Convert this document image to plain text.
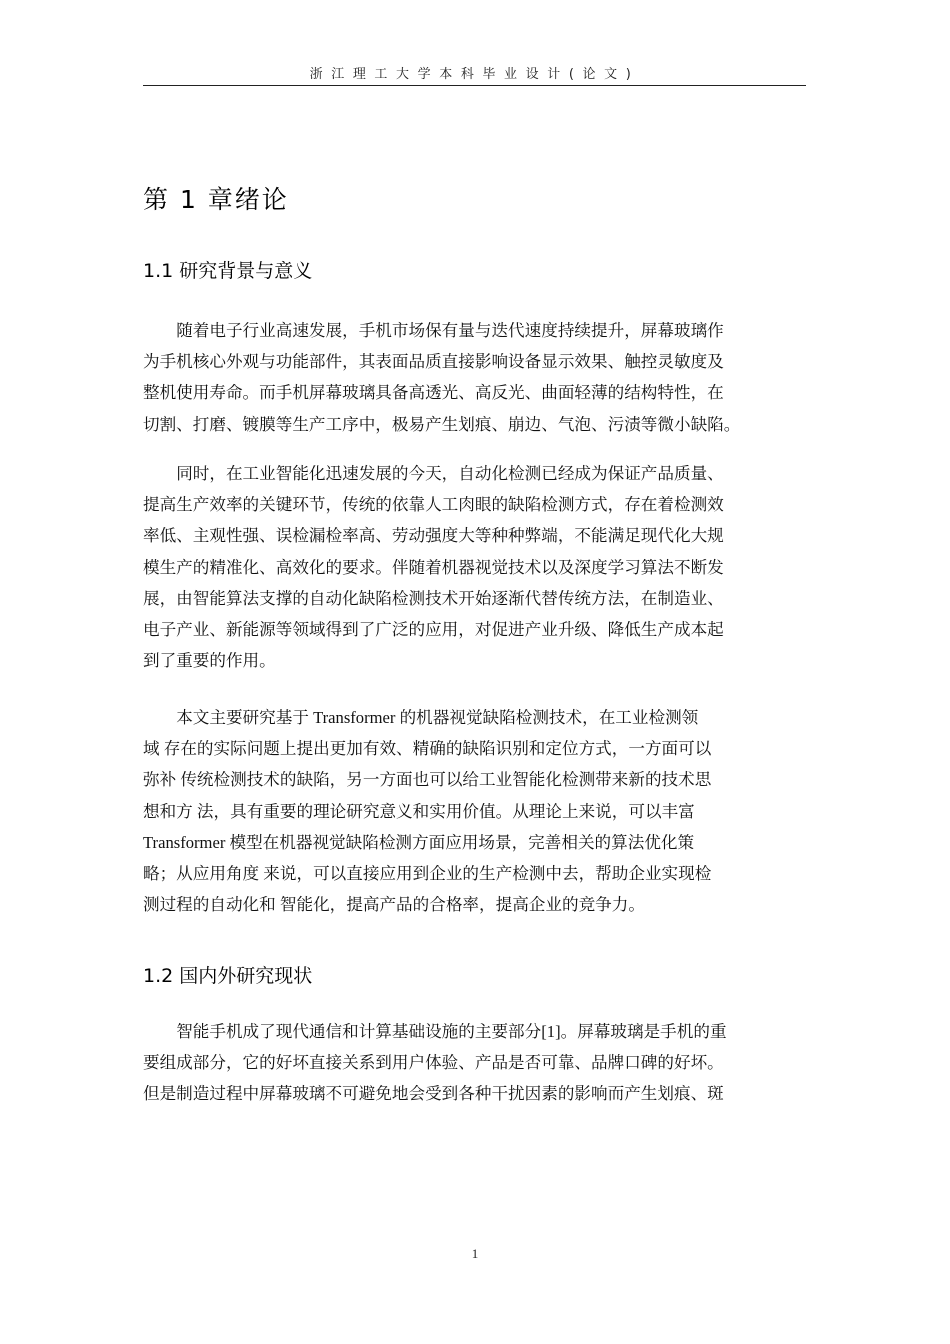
浙江理工大学本科毕业设计(论文)
第 1 章绪论
1.1 研究背景与意义

随着电子行业高速发展，手机市场保有量与迭代速度持续提升，屏幕玻璃作
为手机核心外观与功能部件，其表面品质直接影响设备显示效果、触控灵敏度及
整机使用寿命。而手机屏幕玻璃具备高透光、高反光、曲面轻薄的结构特性，在
切割、打磨、镀膜等生产工序中，极易产生划痕、崩边、气泡、污渍等微小缺陷。

同时，在工业智能化迅速发展的今天，自动化检测已经成为保证产品质量、
提高生产效率的关键环节，传统的依靠人工肉眼的缺陷检测方式，存在着检测效
率低、主观性强、误检漏检率高、劳动强度大等种种弊端，不能满足现代化大规
模生产的精准化、高效化的要求。伴随着机器视觉技术以及深度学习算法不断发
展，由智能算法支撑的自动化缺陷检测技术开始逐渐代替传统方法，在制造业、
电子产业、新能源等领域得到了广泛的应用，对促进产业升级、降低生产成本起
到了重要的作用。

本文主要研究基于 Transformer 的机器视觉缺陷检测技术，在工业检测领
域 存在的实际问题上提出更加有效、精确的缺陷识别和定位方式，一方面可以
弥补 传统检测技术的缺陷，另一方面也可以给工业智能化检测带来新的技术思
想和方 法，具有重要的理论研究意义和实用价值。从理论上来说，可以丰富
Transformer 模型在机器视觉缺陷检测方面应用场景，完善相关的算法优化策
略；从应用角度 来说，可以直接应用到企业的生产检测中去，帮助企业实现检
测过程的自动化和 智能化，提高产品的合格率，提高企业的竞争力。

1.2 国内外研究现状

智能手机成了现代通信和计算基础设施的主要部分[1]。屏幕玻璃是手机的重
要组成部分，它的好坏直接关系到用户体验、产品是否可靠、品牌口碑的好坏。
但是制造过程中屏幕玻璃不可避免地会受到各种干扰因素的影响而产生划痕、斑

1
